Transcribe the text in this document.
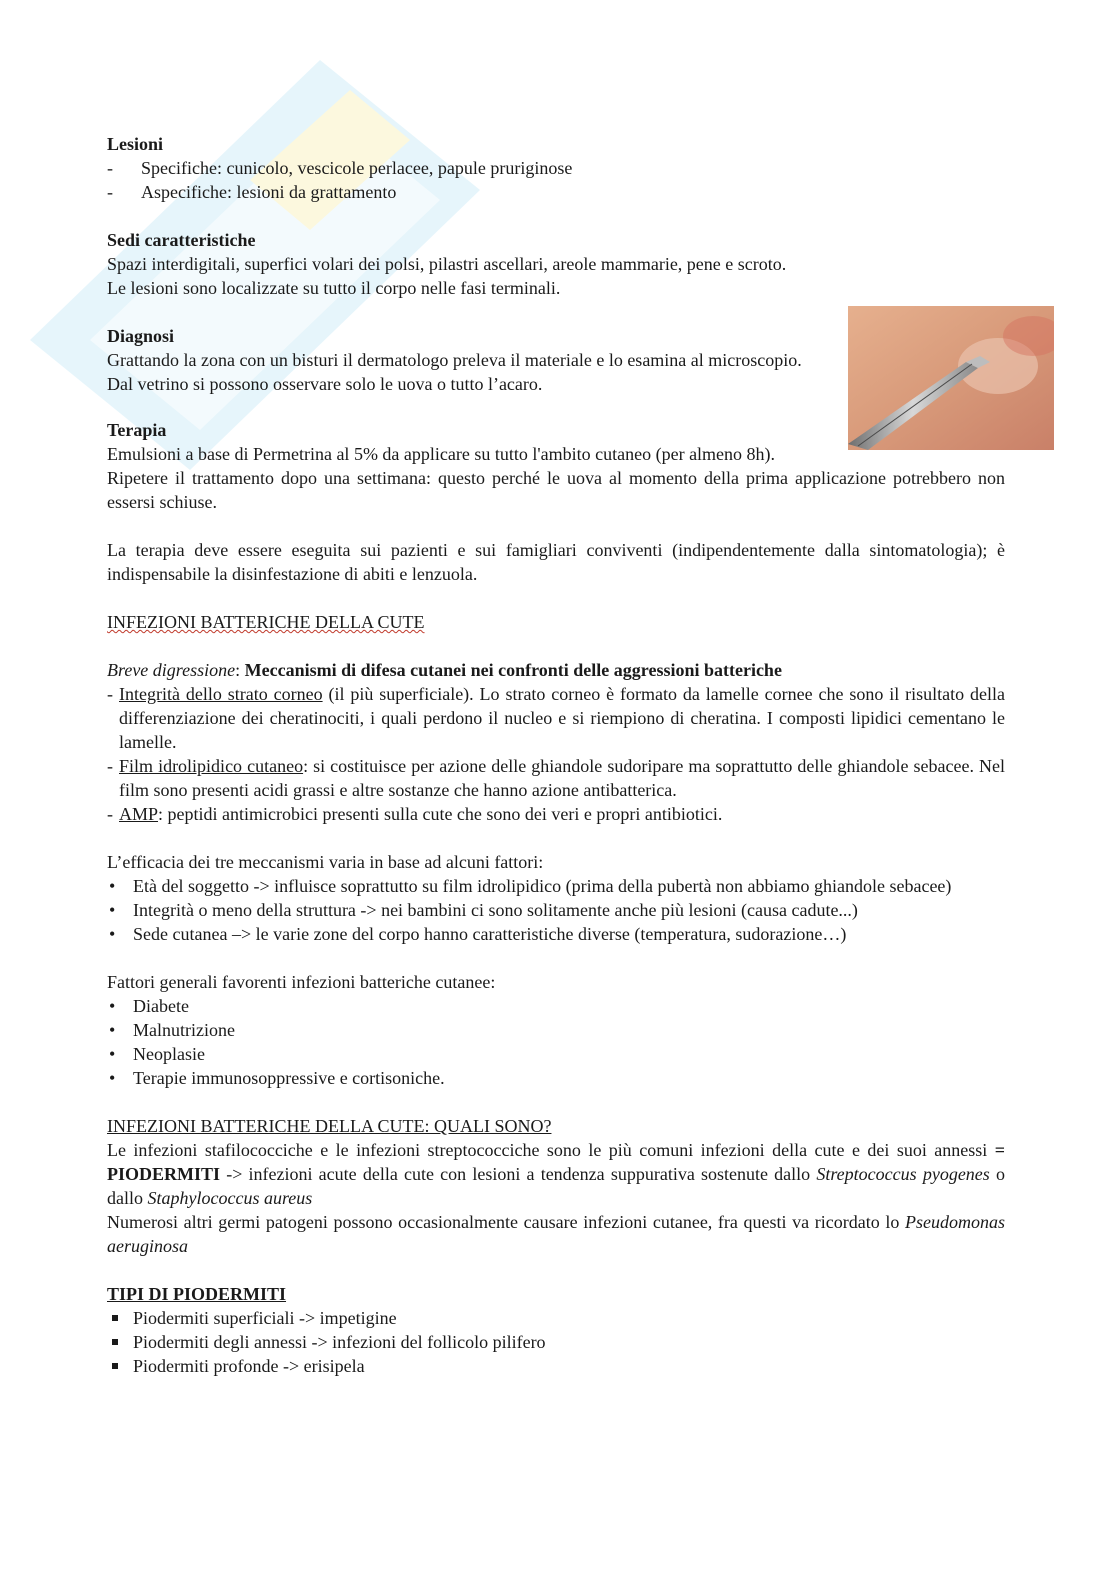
Lesioni

- Specifiche: cunicolo, vescicole perlacee, papule pruriginose
- Aspecifiche: lesioni da grattamento

Sedi caratteristiche

Spazi interdigitali, superfici volari dei polsi, pilastri ascellari, areole mammarie, pene e scroto.

Le lesioni sono localizzate su tutto il corpo nelle fasi terminali.

Diagnosi

Grattando la zona con un bisturi il dermatologo preleva il materiale e lo esamina al microscopio.

Dal vetrino si possono osservare solo le uova o tutto l’acaro.

Terapia

Emulsioni a base di Permetrina al 5% da applicare su tutto l'ambito cutaneo (per almeno 8h).

Ripetere il trattamento dopo una settimana: questo perché le uova al momento della prima applicazione potrebbero non essersi schiuse.

La terapia deve essere eseguita sui pazienti e sui famigliari conviventi (indipendentemente dalla sintomatologia); è indispensabile la disinfestazione di abiti e lenzuola.

INFEZIONI BATTERICHE DELLA CUTE

Breve digressione: Meccanismi di difesa cutanei nei confronti delle aggressioni batteriche

- Integrità dello strato corneo (il più superficiale). Lo strato corneo è formato da lamelle cornee che sono il risultato della differenziazione dei cheratinociti, i quali perdono il nucleo e si riempiono di cheratina. I composti lipidici cementano le lamelle.
- Film idrolipidico cutaneo: si costituisce per azione delle ghiandole sudoripare ma soprattutto delle ghiandole sebacee. Nel film sono presenti acidi grassi e altre sostanze che hanno azione antibatterica.
- AMP: peptidi antimicrobici presenti sulla cute che sono dei veri e propri antibiotici.

L’efficacia dei tre meccanismi varia in base ad alcuni fattori:

• Età del soggetto -> influisce soprattutto su film idrolipidico (prima della pubertà non abbiamo ghiandole sebacee)
• Integrità o meno della struttura -> nei bambini ci sono solitamente anche più lesioni (causa cadute...)
• Sede cutanea –> le varie zone del corpo hanno caratteristiche diverse (temperatura, sudorazione…)

Fattori generali favorenti infezioni batteriche cutanee:

• Diabete
• Malnutrizione
• Neoplasie
• Terapie immunosoppressive e cortisoniche.

INFEZIONI BATTERICHE DELLA CUTE: QUALI SONO?

Le infezioni stafilococciche e le infezioni streptococciche sono le più comuni infezioni della cute e dei suoi annessi = PIODERMITI -> infezioni acute della cute con lesioni a tendenza suppurativa sostenute dallo Streptococcus pyogenes o dallo Staphylococcus aureus

Numerosi altri germi patogeni possono occasionalmente causare infezioni cutanee, fra questi va ricordato lo Pseudomonas aeruginosa

TIPI DI PIODERMITI

Piodermiti superficiali -> impetigine
Piodermiti degli annessi -> infezioni del follicolo pilifero
Piodermiti profonde -> erisipela
